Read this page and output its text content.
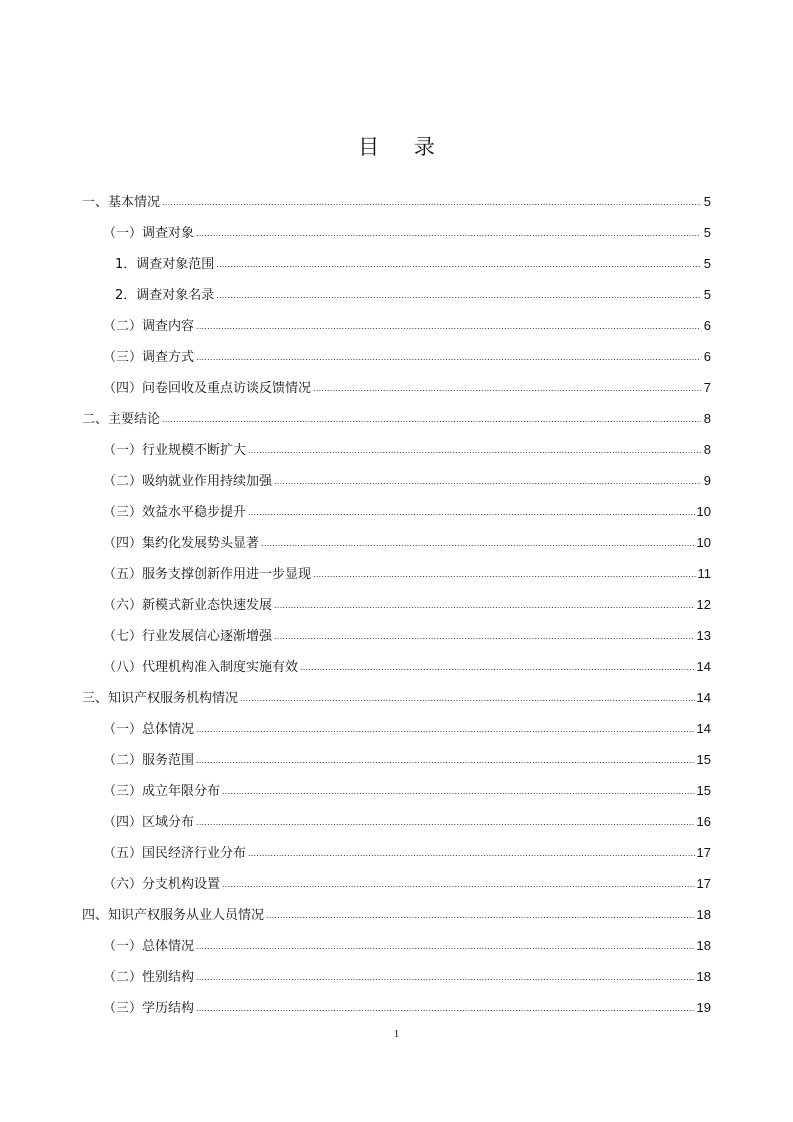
目 录
一、基本情况 .....	5
（一）调查对象 .....	5
1．调查对象范围 .....	5
2．调查对象名录 .....	5
（二）调查内容 .....	6
（三）调查方式 .....	6
（四）问卷回收及重点访谈反馈情况 .....	7
二、主要结论 .....	8
（一）行业规模不断扩大 .....	8
（二）吸纳就业作用持续加强 .....	9
（三）效益水平稳步提升 .....	10
（四）集约化发展势头显著 .....	10
（五）服务支撑创新作用进一步显现 .....	11
（六）新模式新业态快速发展 .....	12
（七）行业发展信心逐渐增强 .....	13
（八）代理机构准入制度实施有效 .....	14
三、知识产权服务机构情况 .....	14
（一）总体情况 .....	14
（二）服务范围 .....	15
（三）成立年限分布 .....	15
（四）区域分布 .....	16
（五）国民经济行业分布 .....	17
（六）分支机构设置 .....	17
四、知识产权服务从业人员情况 .....	18
（一）总体情况 .....	18
（二）性别结构 .....	18
（三）学历结构 .....	19
1
